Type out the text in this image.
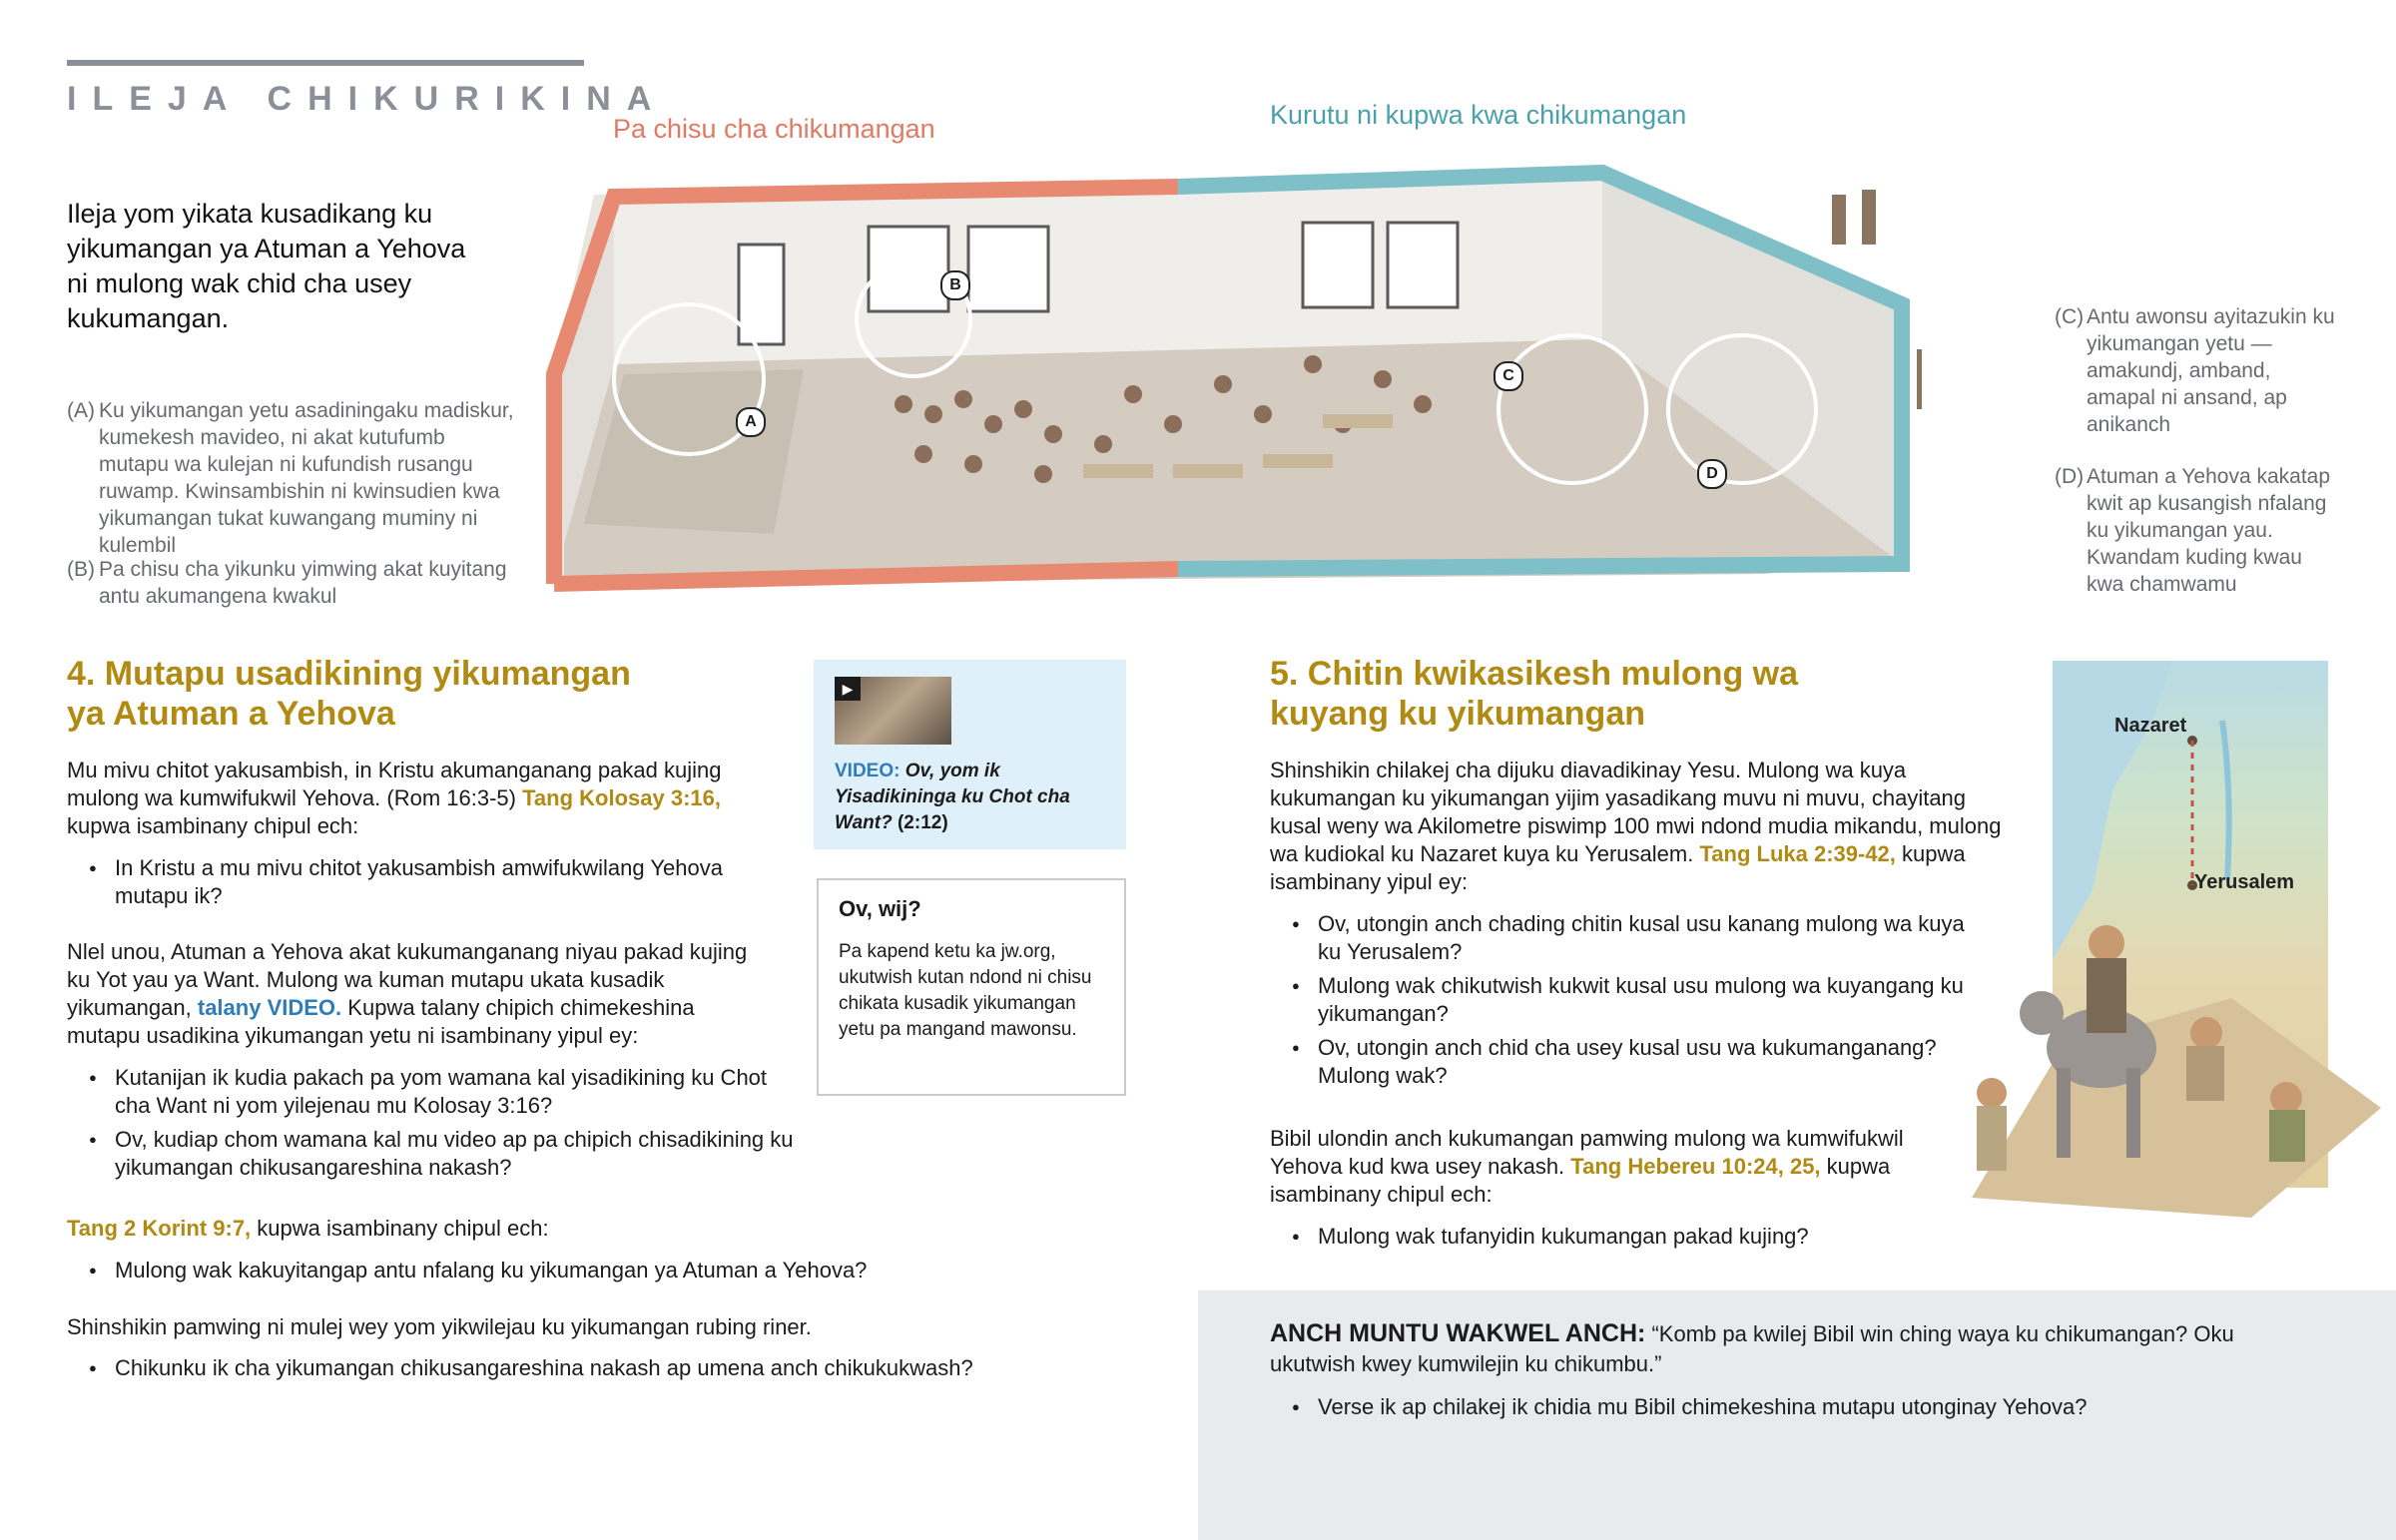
ILEJA CHIKURIKINA
Pa chisu cha chikumangan	Kurutu ni kupwa kwa chikumangan
Ileja yom yikata kusadikang ku yikumangan ya Atuman a Yehova ni mulong wak chid cha usey kukumangan.
(A) Ku yikumangan yetu asadiningaku madiskur, kumekesh mavideo, ni akat kutufumb mutapu wa kulejan ni kufundish rusangu ruwamp. Kwinsambishin ni kwinsudien kwa yikumangan tukat kuwangang muminy ni kulembil
(B) Pa chisu cha yikunku yimwing akat kuyitang antu akumangena kwakul
(C) Antu awonsu ayitazukin ku yikumangan yetu —amakundj, amband, amapal ni ansand, ap anikanch
(D) Atuman a Yehova kakatap kwit ap kusangish nfalang ku yikumangan yau. Kwandam kuding kwau kwa chamwamu
A
B
C
D
4. Mutapu usadikining yikumangan
ya Atuman a Yehova
Mu mivu chitot yakusambish, in Kristu akumanganang pakad kujing mulong wa kumwifukwil Yehova. (Rom 16:3-5) Tang Kolosay 3:16, kupwa isambinany chipul ech:
● In Kristu a mu mivu chitot yakusambish amwifukwilang Yehova mutapu ik?
Nlel unou, Atuman a Yehova akat kukumanganang niyau pakad kujing ku Yot yau ya Want. Mulong wa kuman mutapu ukata kusadik yikumangan, talany VIDEO. Kupwa talany chipich chimekeshina mutapu usadikina yikumangan yetu ni isambinany yipul ey:
● Kutanijan ik kudia pakach pa yom wamana kal yisadikining ku Chot cha Want ni yom yilejenau mu Kolosay 3:16?
● Ov, kudiap chom wamana kal mu video ap pa chipich chisadikining ku yikumangan chikusangareshina nakash?
Tang 2 Korint 9:7, kupwa isambinany chipul ech:
● Mulong wak kakuyitangap antu nfalang ku yikumangan ya Atuman a Yehova?
Shinshikin pamwing ni mulej wey yom yikwilejau ku yikumangan rubing riner.
● Chikunku ik cha yikumangan chikusangareshina nakash ap umena anch chikukukwash?
▶
VIDEO: Ov, yom ik Yisadikininga ku Chot cha Want? (2:12)
Ov, wij?
Pa kapend ketu ka jw.org, ukutwish kutan ndond ni chisu chikata kusadik yikumangan yetu pa mangand mawonsu.
5. Chitin kwikasikesh mulong wa
kuyang ku yikumangan
Shinshikin chilakej cha dijuku diavadikinay Yesu. Mulong wa kuya kukumangan ku yikumangan yijim yasadikang muvu ni muvu, chayitang kusal weny wa Akilometre piswimp 100 mwi ndond mudia mikandu, mulong wa kudiokal ku Nazaret kuya ku Yerusalem. Tang Luka 2:39-42, kupwa isambinany yipul ey:
● Ov, utongin anch chading chitin kusal usu kanang mulong wa kuya ku Yerusalem?
● Mulong wak chikutwish kukwit kusal usu mulong wa kuyangang ku yikumangan?
● Ov, utongin anch chid cha usey kusal usu wa kukumanganang? Mulong wak?
Bibil ulondin anch kukumangan pamwing mulong wa kumwifukwil Yehova kud kwa usey nakash. Tang Hebereu 10:24, 25, kupwa isambinany chipul ech:
● Mulong wak tufanyidin kukumangan pakad kujing?
Nazaret
Yerusalem
ANCH MUNTU WAKWEL ANCH: “Komb pa kwilej Bibil win ching waya ku chikumangan? Oku ukutwish kwey kumwilejin ku chikumbu.”
● Verse ik ap chilakej ik chidia mu Bibil chimekeshina mutapu utonginay Yehova?
